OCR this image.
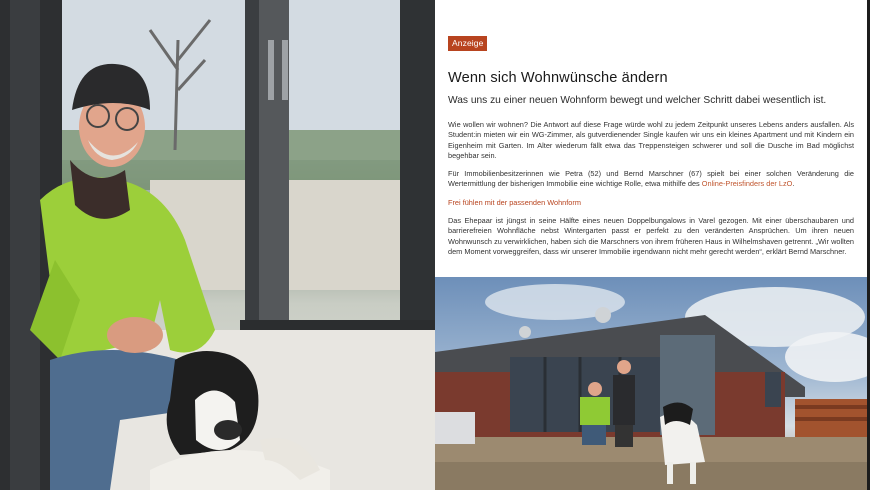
Anzeige
Wenn sich Wohnwünsche ändern
Was uns zu einer neuen Wohnform bewegt und welcher Schritt dabei wesentlich ist.

Wie wollen wir wohnen? Die Antwort auf diese Frage würde wohl zu jedem Zeitpunkt unseres Lebens anders ausfallen. Als Student:in mieten wir ein WG-Zimmer, als gutverdienender Single kaufen wir uns ein kleines Apartment und mit Kindern ein Eigenheim mit Garten. Im Alter wiederum fällt etwa das Treppensteigen schwerer und soll die Dusche im Bad möglichst begehbar sein.

Für Immobilienbesitzerinnen wie Petra (52) und Bernd Marschner (67) spielt bei einer solchen Veränderung die Wertermittlung der bisherigen Immobilie eine wichtige Rolle, etwa mithilfe des Online-Preisfinders der LzO.

Frei fühlen mit der passenden Wohnform

Das Ehepaar ist jüngst in seine Hälfte eines neuen Doppelbungalows in Varel gezogen. Mit einer überschaubaren und barrierefreien Wohnfläche nebst Wintergarten passt er perfekt zu den veränderten Ansprüchen. Um ihren neuen Wohnwunsch zu verwirklichen, haben sich die Marschners von ihrem früheren Haus in Wilhelmshaven getrennt. „Wir wollten dem Moment vorweggreifen, dass wir unserer Immobilie irgendwann nicht mehr gerecht werden“, erklärt Bernd Marschner.
